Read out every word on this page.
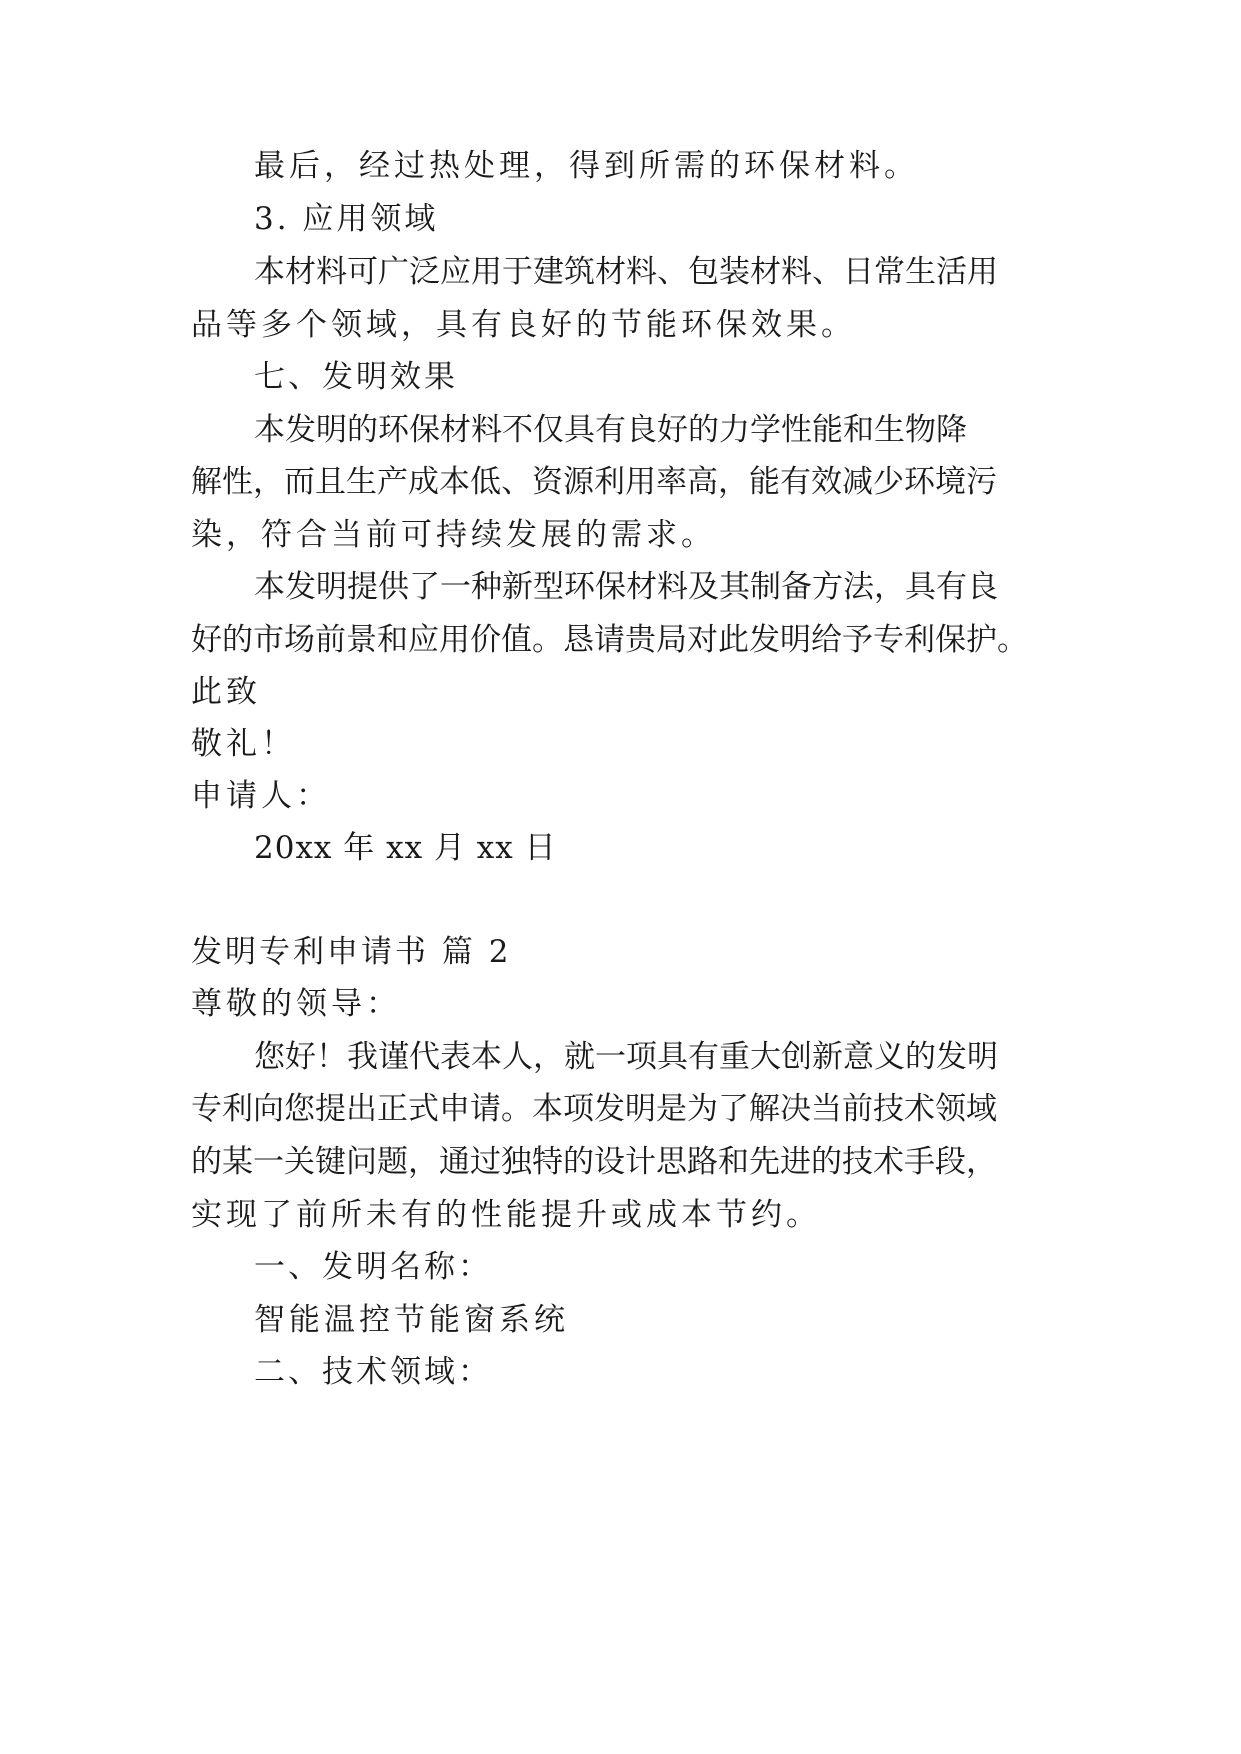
最后，经过热处理，得到所需的环保材料。
3. 应用领域
本材料可广泛应用于建筑材料、包装材料、日常生活用
品等多个领域，具有良好的节能环保效果。
七、发明效果
本发明的环保材料不仅具有良好的力学性能和生物降
解性，而且生产成本低、资源利用率高，能有效减少环境污
染，符合当前可持续发展的需求。
本发明提供了一种新型环保材料及其制备方法，具有良
好的市场前景和应用价值。恳请贵局对此发明给予专利保护。
此致
敬礼！
申请人：
20xx 年 xx 月 xx 日
发明专利申请书 篇 2
尊敬的领导：
您好！我谨代表本人，就一项具有重大创新意义的发明
专利向您提出正式申请。本项发明是为了解决当前技术领域
的某一关键问题，通过独特的设计思路和先进的技术手段，
实现了前所未有的性能提升或成本节约。
一、发明名称：
智能温控节能窗系统
二、技术领域：
